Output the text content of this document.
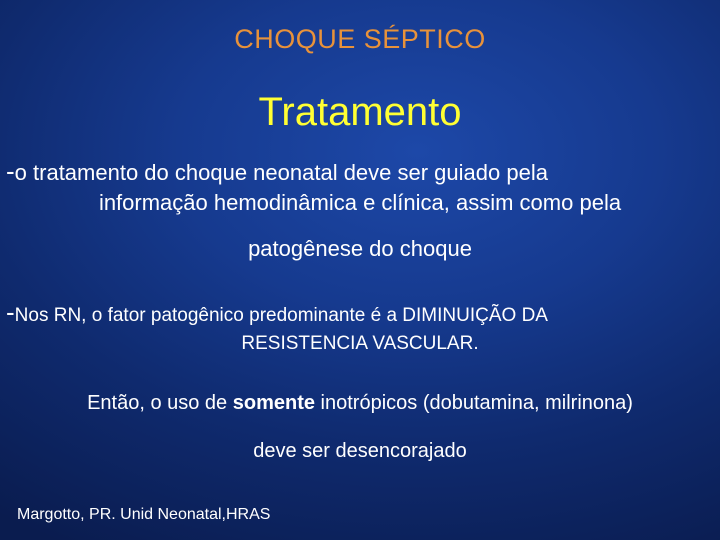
CHOQUE SÉPTICO
Tratamento
-o tratamento do choque neonatal deve ser guiado pela
informação hemodinâmica e clínica, assim como pela
patogênese do choque
-Nos RN, o fator patogênico predominante é a DIMINUIÇÃO DA
RESISTENCIA VASCULAR.
Então, o uso de somente inotrópicos (dobutamina, milrinona)
deve ser desencorajado
Margotto, PR. Unid Neonatal,HRAS
